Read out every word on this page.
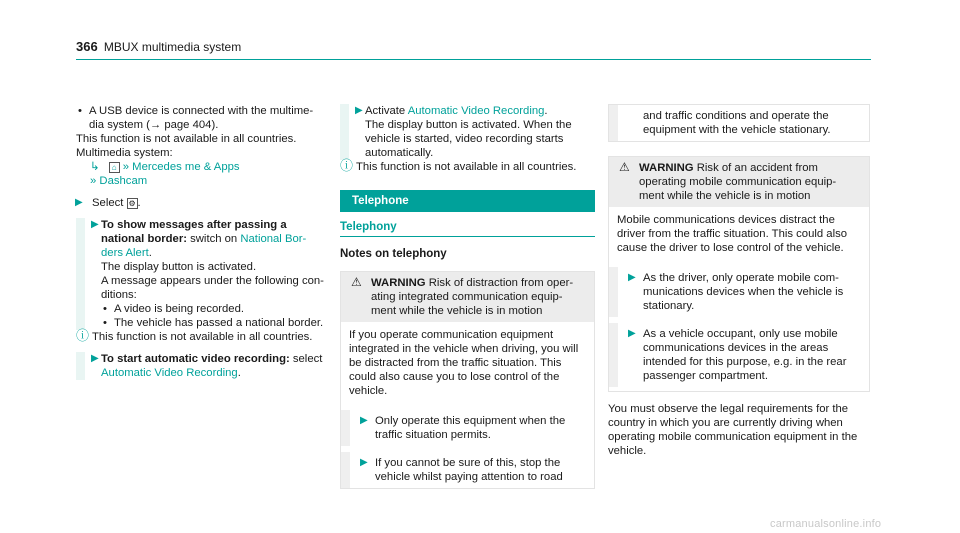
366 MBUX multimedia system
• A USB device is connected with the multime-dia system (→ page 404).
This function is not available in all countries.
Multimedia system:
↳ ⌂ » Mercedes me & Apps
» Dashcam
▶ Select ⚙ .
▶ To show messages after passing a national border: switch on National Bor-ders Alert.
The display button is activated.
A message appears under the following con-ditions:
• A video is being recorded.
• The vehicle has passed a national border.
ⓘ This function is not available in all countries.
▶ To start automatic video recording: select Automatic Video Recording.
▶ Activate Automatic Video Recording.
The display button is activated. When the vehicle is started, video recording starts automatically.
ⓘ This function is not available in all countries.
Telephone
Telephony
Notes on telephony
⚠ WARNING Risk of distraction from oper-ating integrated communication equip-ment while the vehicle is in motion
If you operate communication equipment integrated in the vehicle when driving, you will be distracted from the traffic situation. This could also cause you to lose control of the vehicle.
▶ Only operate this equipment when the traffic situation permits.
▶ If you cannot be sure of this, stop the vehicle whilst paying attention to road
and traffic conditions and operate the equipment with the vehicle stationary.
⚠ WARNING Risk of an accident from operating mobile communication equip-ment while the vehicle is in motion
Mobile communications devices distract the driver from the traffic situation. This could also cause the driver to lose control of the vehicle.
▶ As the driver, only operate mobile com-munications devices when the vehicle is stationary.
▶ As a vehicle occupant, only use mobile communications devices in the areas intended for this purpose, e.g. in the rear passenger compartment.
You must observe the legal requirements for the country in which you are currently driving when operating mobile communication equipment in the vehicle.
carmanualsonline.info
